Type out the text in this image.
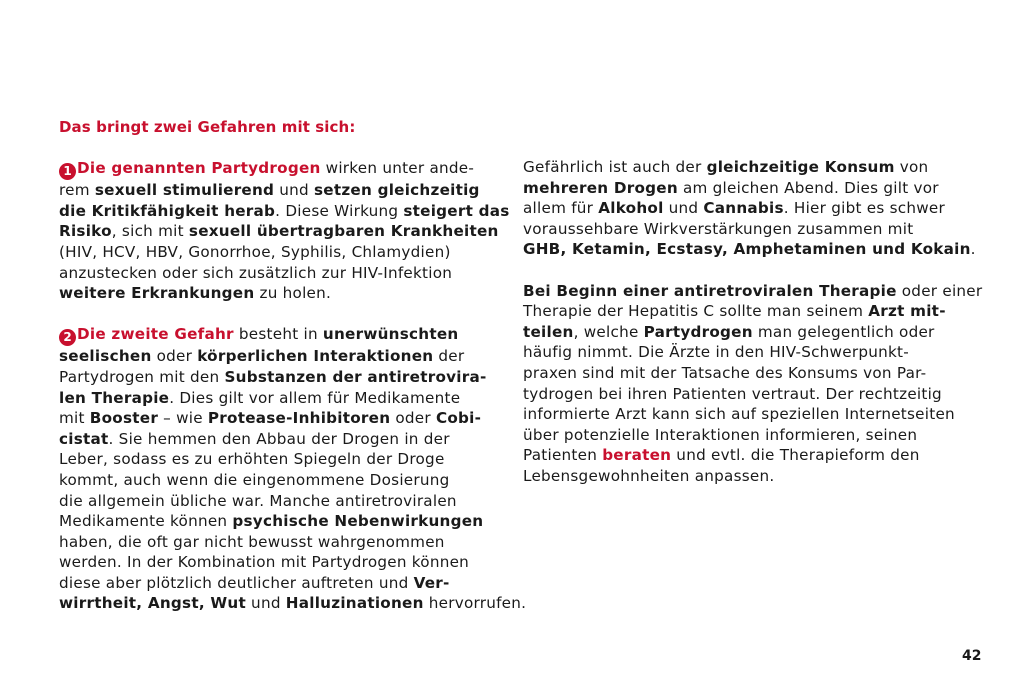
Das bringt zwei Gefahren mit sich:
1 Die genannten Partydrogen wirken unter ande-
rem sexuell stimulierend und setzen gleichzeitig
die Kritikfähigkeit herab. Diese Wirkung steigert das
Risiko, sich mit sexuell übertragbaren Krankheiten
(HIV, HCV, HBV, Gonorrhoe, Syphilis, Chlamydien)
anzustecken oder sich zusätzlich zur HIV-Infektion
weitere Erkrankungen zu holen.
2 Die zweite Gefahr besteht in unerwünschten
seelischen oder körperlichen Interaktionen der
Partydrogen mit den Substanzen der antiretrovira-
len Therapie. Dies gilt vor allem für Medikamente
mit Booster – wie Protease-Inhibitoren oder Cobi-
cistat. Sie hemmen den Abbau der Drogen in der
Leber, sodass es zu erhöhten Spiegeln der Droge
kommt, auch wenn die eingenommene Dosierung
die allgemein übliche war. Manche antiretroviralen
Medikamente können psychische Nebenwirkungen
haben, die oft gar nicht bewusst wahrgenommen
werden. In der Kombination mit Partydrogen können
diese aber plötzlich deutlicher auftreten und Ver-
wirrtheit, Angst, Wut und Halluzinationen hervorrufen.
Gefährlich ist auch der gleichzeitige Konsum von
mehreren Drogen am gleichen Abend. Dies gilt vor
allem für Alkohol und Cannabis. Hier gibt es schwer
voraussehbare Wirkverstärkungen zusammen mit
GHB, Ketamin, Ecstasy, Amphetaminen und Kokain.
Bei Beginn einer antiretroviralen Therapie oder einer
Therapie der Hepatitis C sollte man seinem Arzt mit-
teilen, welche Partydrogen man gelegentlich oder
häufig nimmt. Die Ärzte in den HIV-Schwerpunkt-
praxen sind mit der Tatsache des Konsums von Par-
tydrogen bei ihren Patienten vertraut. Der rechtzeitig
informierte Arzt kann sich auf speziellen Internetseiten
über potenzielle Interaktionen informieren, seinen
Patienten beraten und evtl. die Therapieform den
Lebensgewohnheiten anpassen.
42
